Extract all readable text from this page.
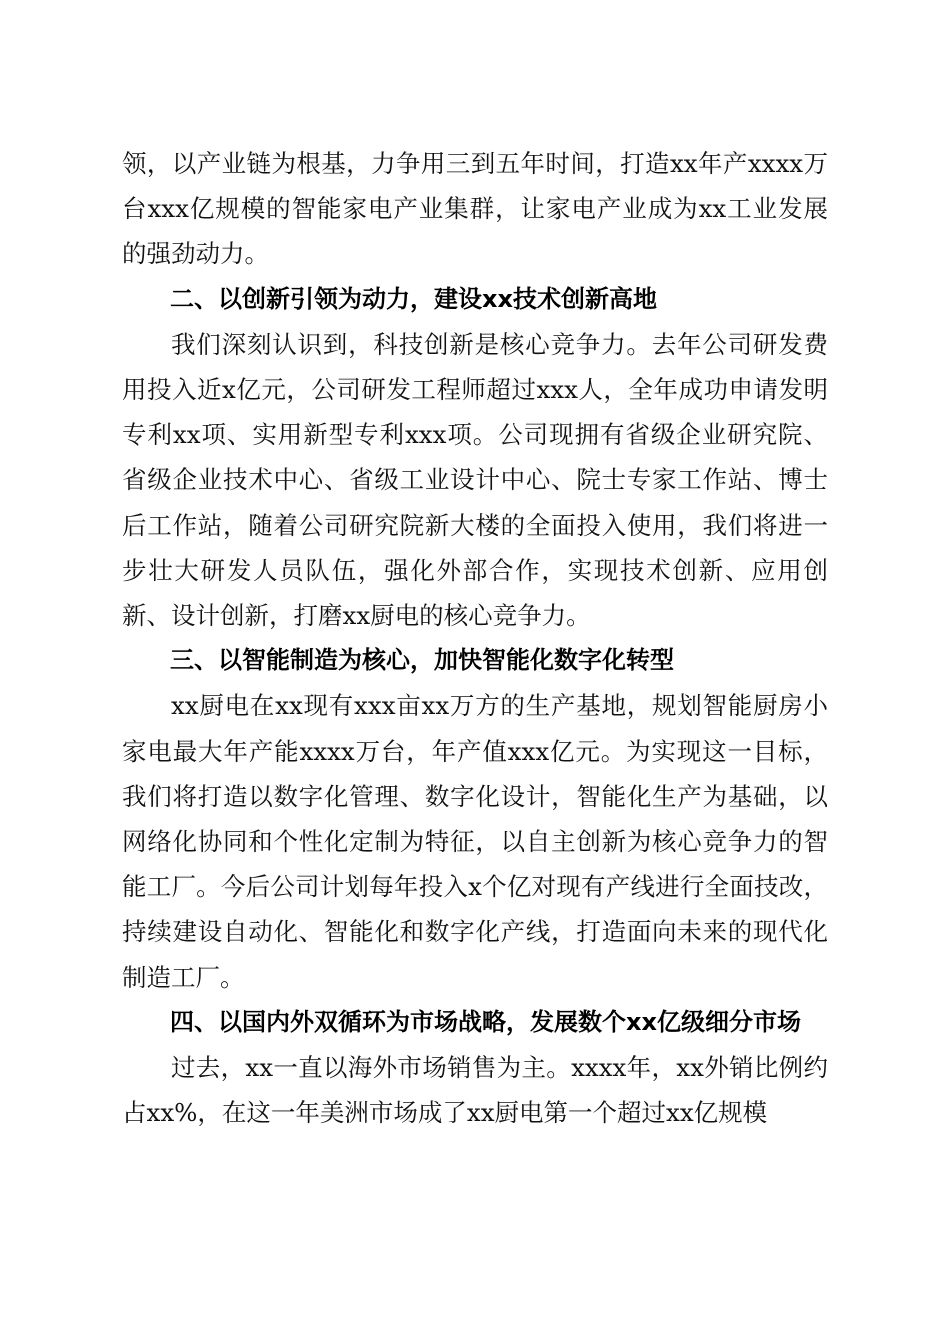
领，以产业链为根基，力争用三到五年时间，打造xx年产xxxx万台xxx亿规模的智能家电产业集群，让家电产业成为xx工业发展的强劲动力。

二、以创新引领为动力，建设xx技术创新高地

我们深刻认识到，科技创新是核心竞争力。去年公司研发费用投入近x亿元，公司研发工程师超过xxx人，全年成功申请发明专利xx项、实用新型专利xxx项。公司现拥有省级企业研究院、省级企业技术中心、省级工业设计中心、院士专家工作站、博士后工作站，随着公司研究院新大楼的全面投入使用，我们将进一步壮大研发人员队伍，强化外部合作，实现技术创新、应用创新、设计创新，打磨xx厨电的核心竞争力。

三、以智能制造为核心，加快智能化数字化转型

xx厨电在xx现有xxx亩xx万方的生产基地，规划智能厨房小家电最大年产能xxxx万台，年产值xxx亿元。为实现这一目标，我们将打造以数字化管理、数字化设计，智能化生产为基础，以网络化协同和个性化定制为特征，以自主创新为核心竞争力的智能工厂。今后公司计划每年投入x个亿对现有产线进行全面技改，持续建设自动化、智能化和数字化产线，打造面向未来的现代化制造工厂。

四、以国内外双循环为市场战略，发展数个xx亿级细分市场

过去，xx一直以海外市场销售为主。xxxx年，xx外销比例约占xx%，在这一年美洲市场成了xx厨电第一个超过xx亿规模
